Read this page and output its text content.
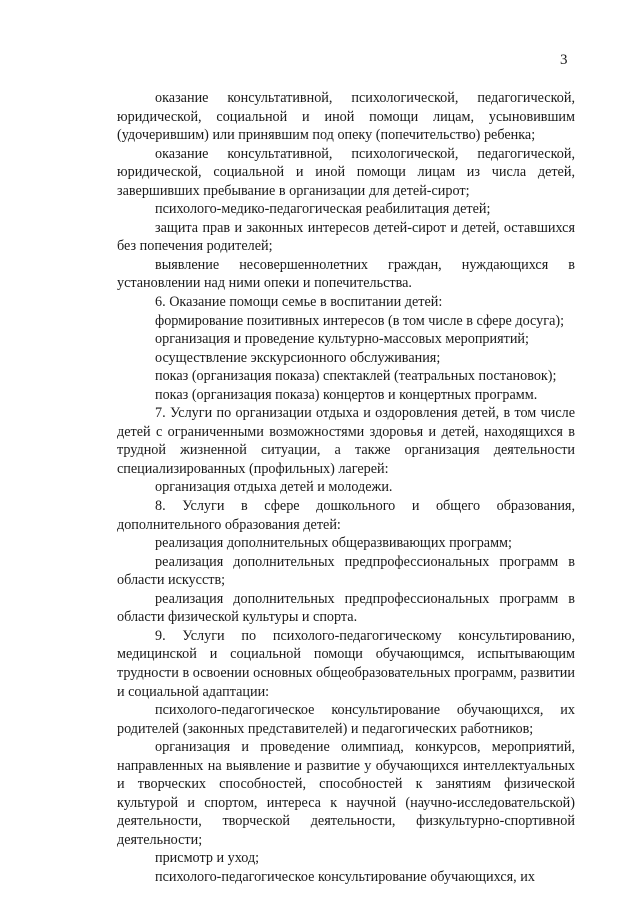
3

оказание консультативной, психологической, педагогической, юридической, социальной и иной помощи лицам, усыновившим (удочерившим) или принявшим под опеку (попечительство) ребенка;

оказание консультативной, психологической, педагогической, юридической, социальной и иной помощи лицам из числа детей, завершивших пребывание в организации для детей-сирот;

психолого-медико-педагогическая реабилитация детей;

защита прав и законных интересов детей-сирот и детей, оставшихся без попечения родителей;

выявление несовершеннолетних граждан, нуждающихся в установлении над ними опеки и попечительства.

6. Оказание помощи семье в воспитании детей:

формирование позитивных интересов (в том числе в сфере досуга);

организация и проведение культурно-массовых мероприятий;

осуществление экскурсионного обслуживания;

показ (организация показа) спектаклей (театральных постановок);

показ (организация показа) концертов и концертных программ.

7. Услуги по организации отдыха и оздоровления детей, в том числе детей с ограниченными возможностями здоровья и детей, находящихся в трудной жизненной ситуации, а также организация деятельности специализированных (профильных) лагерей:

организация отдыха детей и молодежи.

8. Услуги в сфере дошкольного и общего образования, дополнительного образования детей:

реализация дополнительных общеразвивающих программ;

реализация дополнительных предпрофессиональных программ в области искусств;

реализация дополнительных предпрофессиональных программ в области физической культуры и спорта.

9. Услуги по психолого-педагогическому консультированию, медицинской и социальной помощи обучающимся, испытывающим трудности в освоении основных общеобразовательных программ, развитии и социальной адаптации:

психолого-педагогическое консультирование обучающихся, их родителей (законных представителей) и педагогических работников;

организация и проведение олимпиад, конкурсов, мероприятий, направленных на выявление и развитие у обучающихся интеллектуальных и творческих способностей, способностей к занятиям физической культурой и спортом, интереса к научной (научно-исследовательской) деятельности, творческой деятельности, физкультурно-спортивной деятельности;

присмотр и уход;

психолого-педагогическое консультирование обучающихся, их
